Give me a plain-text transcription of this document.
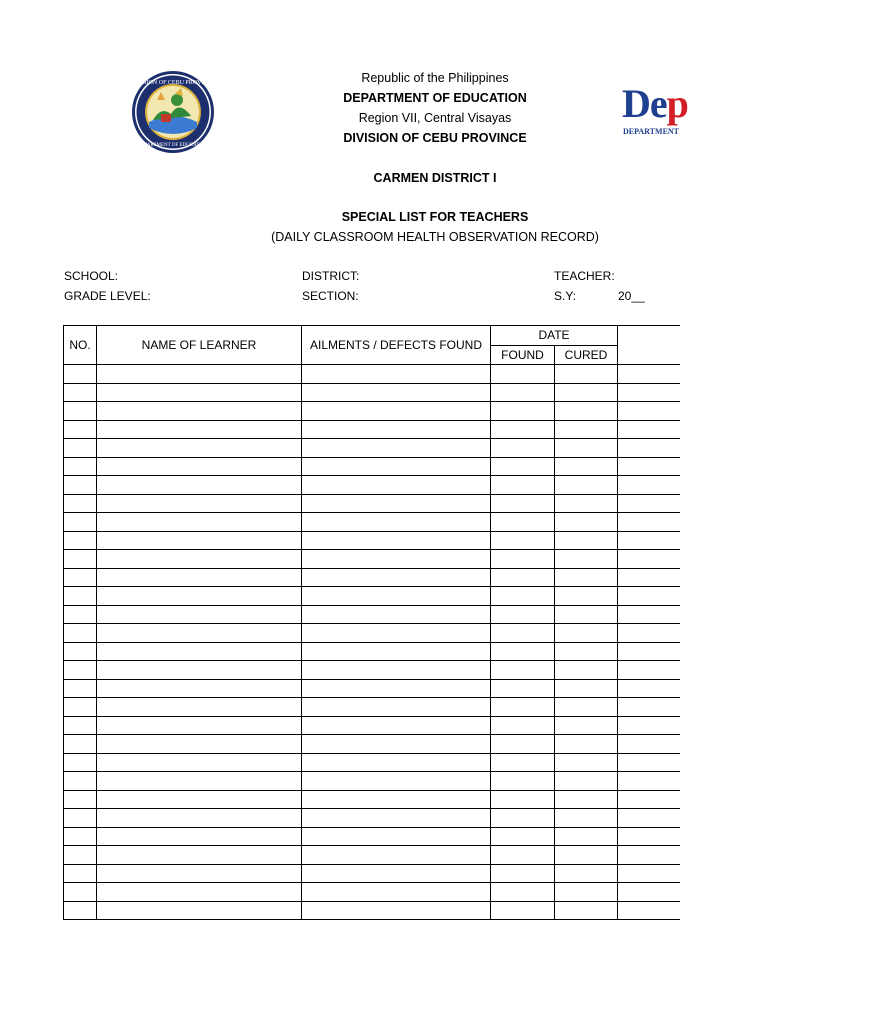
DIVISION OF CEBU PROVINCE
DEPARTMENT OF EDUCATION
Dep
DEPARTMENT
Republic of the Philippines
DEPARTMENT OF EDUCATION
Region VII, Central Visayas
DIVISION OF CEBU PROVINCE
CARMEN DISTRICT I
SPECIAL LIST FOR TEACHERS
(DAILY CLASSROOM HEALTH OBSERVATION RECORD)
SCHOOL:	DISTRICT:	TEACHER:
GRADE LEVEL:	SECTION:	S.Y:	20__
NO.	NAME OF LEARNER	AILMENTS / DEFECTS FOUND	DATE		
			FOUND	CURED	
